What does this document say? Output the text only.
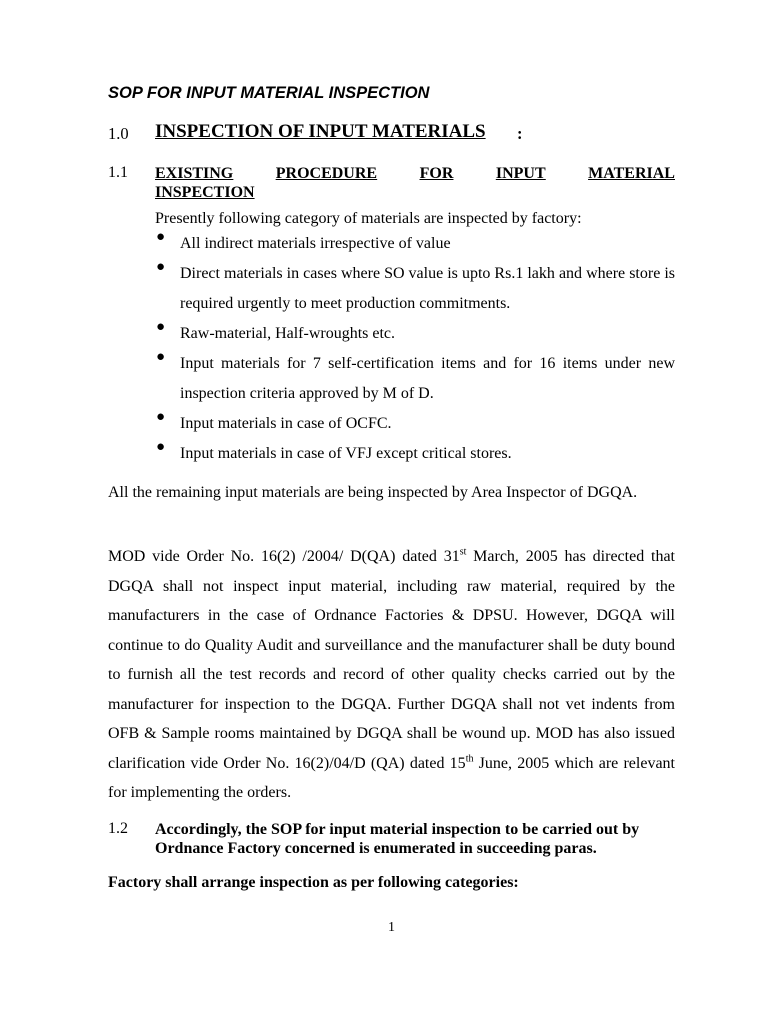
SOP FOR INPUT MATERIAL INSPECTION
1.0 INSPECTION OF INPUT MATERIALS :
1.1 EXISTING	PROCEDURE	FOR	INPUT	MATERIAL
INSPECTION
Presently following category of materials are inspected by factory:
● All indirect materials irrespective of value
● Direct materials in cases where SO value is upto Rs.1 lakh and where store is required urgently to meet production commitments.
● Raw-material, Half-wroughts etc.
● Input materials for 7 self-certification items and for 16 items under new inspection criteria approved by M of D.
● Input materials in case of OCFC.
● Input materials in case of VFJ except critical stores.
All the remaining input materials are being inspected by Area Inspector of DGQA.
MOD vide Order No. 16(2) /2004/ D(QA) dated 31st March, 2005 has directed that DGQA shall not inspect input material, including raw material, required by the manufacturers in the case of Ordnance Factories & DPSU. However, DGQA will continue to do Quality Audit and surveillance and the manufacturer shall be duty bound to furnish all the test records and record of other quality checks carried out by the manufacturer for inspection to the DGQA. Further DGQA shall not vet indents from OFB & Sample rooms maintained by DGQA shall be wound up. MOD has also issued clarification vide Order No. 16(2)/04/D (QA) dated 15th June, 2005 which are relevant for implementing the orders.
1.2 Accordingly, the SOP for input material inspection to be carried out by Ordnance Factory concerned is enumerated in succeeding paras.
Factory shall arrange inspection as per following categories:
1
